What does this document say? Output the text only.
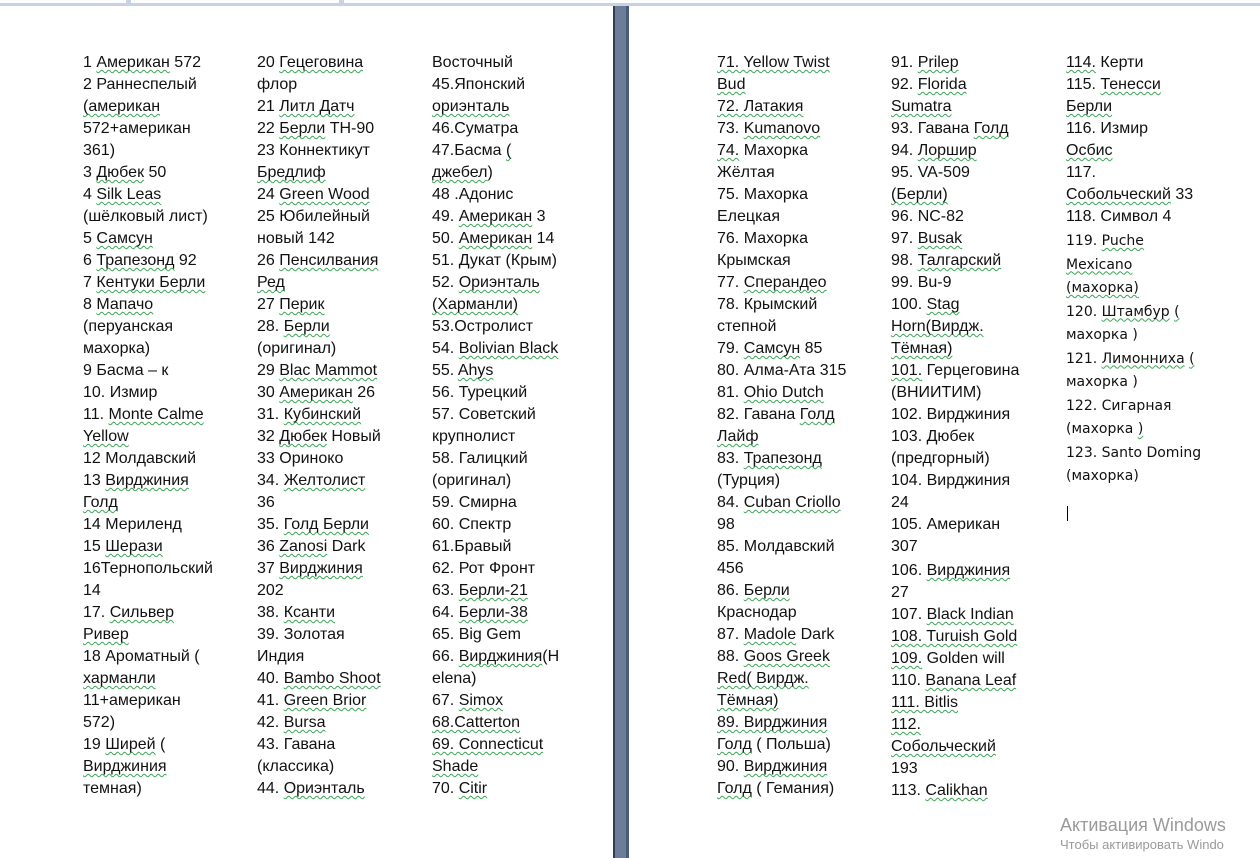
1 Американ 572
2 Раннеспелый
(американ
572+американ
361)
3 Дюбек 50
4 Silk Leas
(шёлковый лист)
5 Самсун
6 Трапезонд 92
7 Кентуки Берли
8 Мапачо
(перуанская
махорка)
9 Басма – к
10. Измир
11. Monte Calme
Yellow
12 Молдавский
13 Вирджиния
Голд
14 Мериленд
15 Шерази
16Тернопольский
14
17. Сильвер
Ривер
18 Ароматный (
харманли
11+американ
572)
19 Ширей (
Вирджиния
темная)
20 Гецеговина
флор
21 Литл Датч
22 Берли ТН-90
23 Коннектикут
Бредлиф
24 Green Wood
25 Юбилейный
новый 142
26 Пенсилвания
Ред
27 Перик
28. Берли
(оригинал)
29 Blac Mammot
30 Американ 26
31. Кубинский
32 Дюбек Новый
33 Ориноко
34. Желтолист
36
35. Голд Берли
36 Zanosi Dark
37 Вирджиния
202
38. Ксанти
39. Золотая
Индия
40. Bambo Shoot
41. Green Brior
42. Bursa
43. Гавана
(классика)
44. Ориэнталь
Восточный
45.Японский
ориэнталь
46.Суматра
47.Басма (
джебел)
48 .Адонис
49. Американ 3
50. Американ 14
51. Дукат (Крым)
52. Ориэнталь
(Харманли)
53.Остролист
54. Bolivian Black
55. Ahys
56. Турецкий
57. Советский
крупнолист
58. Галицкий
(оригинал)
59. Смирна
60. Спектр
61.Бравый
62. Рот Фронт
63. Берли-21
64. Берли-38
65. Big Gem
66. Вирджиния(Н
elena)
67. Simox
68.Catterton
69. Connecticut
Shade
70. Citir
71. Yellow Twist
Bud
72. Латакия
73. Kumanovo
74. Махорка
Жёлтая
75. Махорка
Елецкая
76. Махорка
Крымская
77. Сперандео
78. Крымский
степной
79. Самсун 85
80. Алма-Ата 315
81. Ohio Dutch
82. Гавана Голд
Лайф
83. Трапезонд
(Турция)
84. Cuban Criollo
98
85. Молдавский
456
86. Берли
Краснодар
87. Madole Dark
88. Goos Greek
Red( Вирдж.
Тёмная)
89. Вирджиния
Голд ( Польша)
90. Вирджиния
Голд ( Гемания)
91. Prilep
92. Florida
Sumatra
93. Гавана Голд
94. Лоршир
95. VA-509
(Берли)
96. NC-82
97. Busak
98. Талгарский
99. Bu-9
100. Stag
Horn(Вирдж.
Тёмная)
101. Герцеговина
(ВНИИТИМ)
102. Вирджиния
103. Дюбек
(предгорный)
104. Вирджиния
24
105. Американ
307
106. Вирджиния
27
107. Black Indian
108. Turuish Gold
109. Golden will
110. Banana Leaf
111. Bitlis
112.
Собольческий
193
113. Calikhan
114. Керти
115. Тенесси
Берли
116. Измир
Осбис
117.
Собольческий 33
118. Символ 4
119. Puche
Mexicano
(махорка)
120. Штамбур (
махорка )
121. Лимонниха (
махорка )
122. Сигарная
(махорка )
123. Santo Doming
(махорка)
Активация Windows
Чтобы активировать Windo
